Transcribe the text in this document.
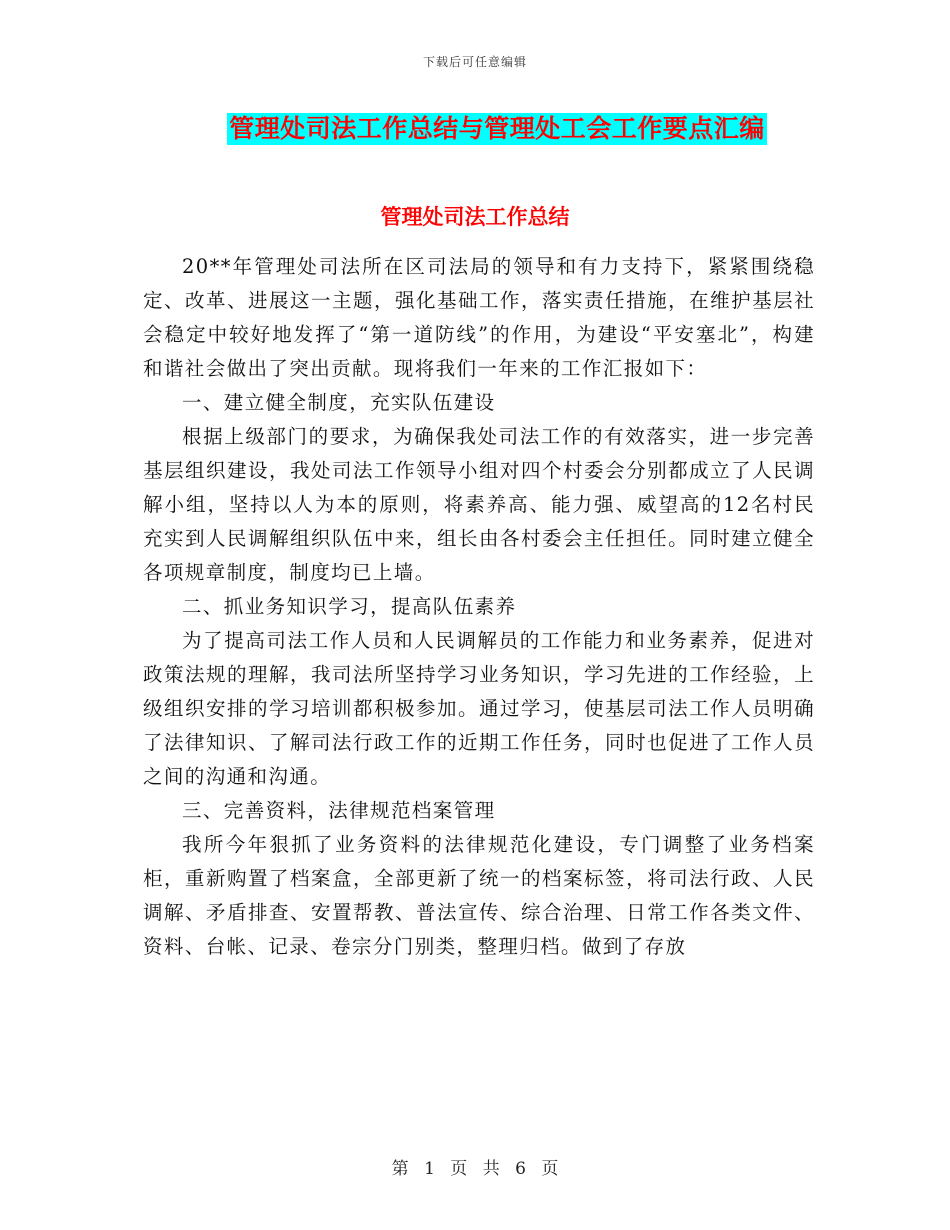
下载后可任意编辑
管理处司法工作总结与管理处工会工作要点汇编
管理处司法工作总结

20**年管理处司法所在区司法局的领导和有力支持下，紧紧围绕稳定、改革、进展这一主题，强化基础工作，落实责任措施，在维护基层社会稳定中较好地发挥了“第一道防线”的作用，为建设“平安塞北”，构建和谐社会做出了突出贡献。现将我们一年来的工作汇报如下：

一、建立健全制度，充实队伍建设

根据上级部门的要求，为确保我处司法工作的有效落实，进一步完善基层组织建设，我处司法工作领导小组对四个村委会分别都成立了人民调解小组，坚持以人为本的原则，将素养高、能力强、威望高的12名村民充实到人民调解组织队伍中来，组长由各村委会主任担任。同时建立健全各项规章制度，制度均已上墙。

二、抓业务知识学习，提高队伍素养

为了提高司法工作人员和人民调解员的工作能力和业务素养，促进对政策法规的理解，我司法所坚持学习业务知识，学习先进的工作经验，上级组织安排的学习培训都积极参加。通过学习，使基层司法工作人员明确了法律知识、了解司法行政工作的近期工作任务，同时也促进了工作人员之间的沟通和沟通。

三、完善资料，法律规范档案管理

我所今年狠抓了业务资料的法律规范化建设，专门调整了业务档案柜，重新购置了档案盒，全部更新了统一的档案标签，将司法行政、人民调解、矛盾排查、安置帮教、普法宣传、综合治理、日常工作各类文件、资料、台帐、记录、卷宗分门别类，整理归档。做到了存放

第 1 页 共 6 页
